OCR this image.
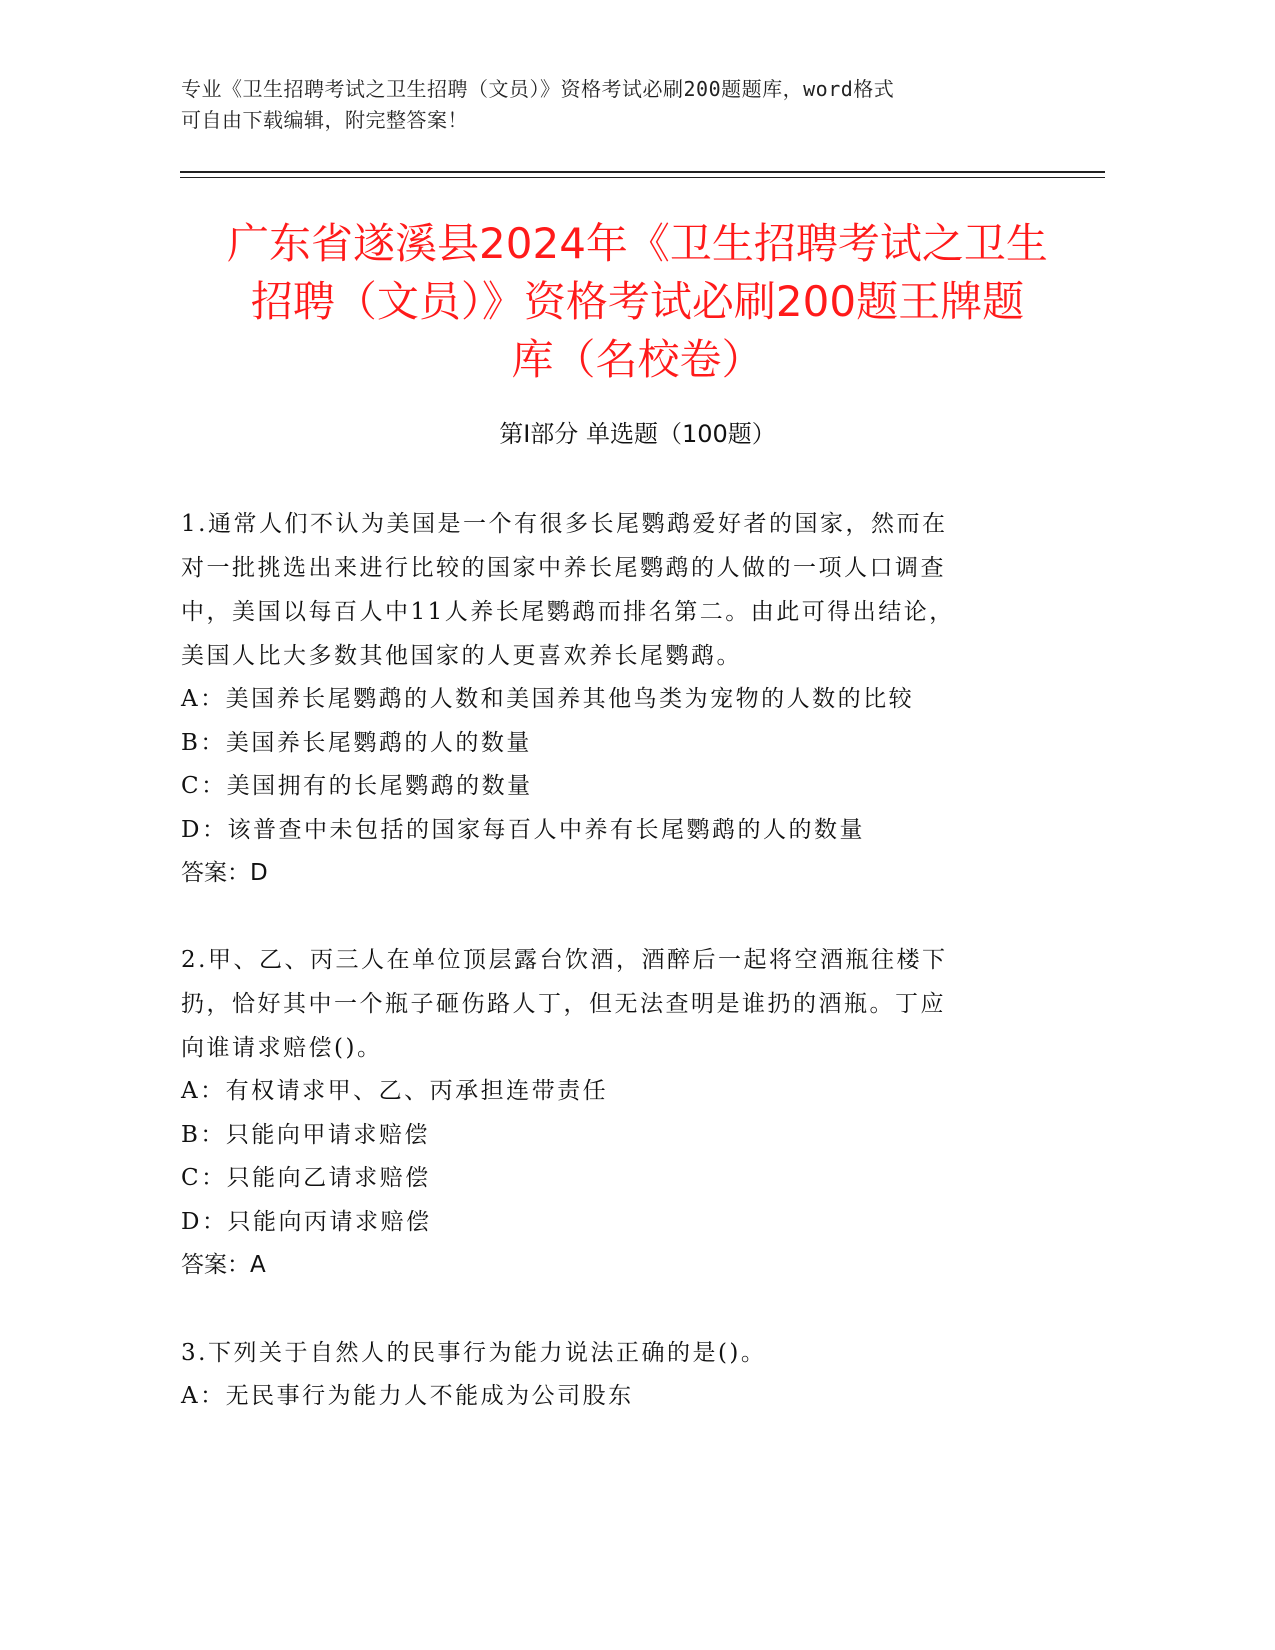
专业《卫生招聘考试之卫生招聘（文员）》资格考试必刷200题题库，word格式
可自由下载编辑，附完整答案！
广东省遂溪县2024年《卫生招聘考试之卫生
招聘（文员）》资格考试必刷200题王牌题
库（名校卷）
第Ⅰ部分 单选题（100题）
1.通常人们不认为美国是一个有很多长尾鹦鹉爱好者的国家，然而在
对一批挑选出来进行比较的国家中养长尾鹦鹉的人做的一项人口调查
中，美国以每百人中11人养长尾鹦鹉而排名第二。由此可得出结论，
美国人比大多数其他国家的人更喜欢养长尾鹦鹉。
A：美国养长尾鹦鹉的人数和美国养其他鸟类为宠物的人数的比较
B：美国养长尾鹦鹉的人的数量
C：美国拥有的长尾鹦鹉的数量
D：该普查中未包括的国家每百人中养有长尾鹦鹉的人的数量
答案：D
2.甲、乙、丙三人在单位顶层露台饮酒，酒醉后一起将空酒瓶往楼下
扔，恰好其中一个瓶子砸伤路人丁，但无法查明是谁扔的酒瓶。丁应
向谁请求赔偿()。
A：有权请求甲、乙、丙承担连带责任
B：只能向甲请求赔偿
C：只能向乙请求赔偿
D：只能向丙请求赔偿
答案：A
3.下列关于自然人的民事行为能力说法正确的是()。
A：无民事行为能力人不能成为公司股东
